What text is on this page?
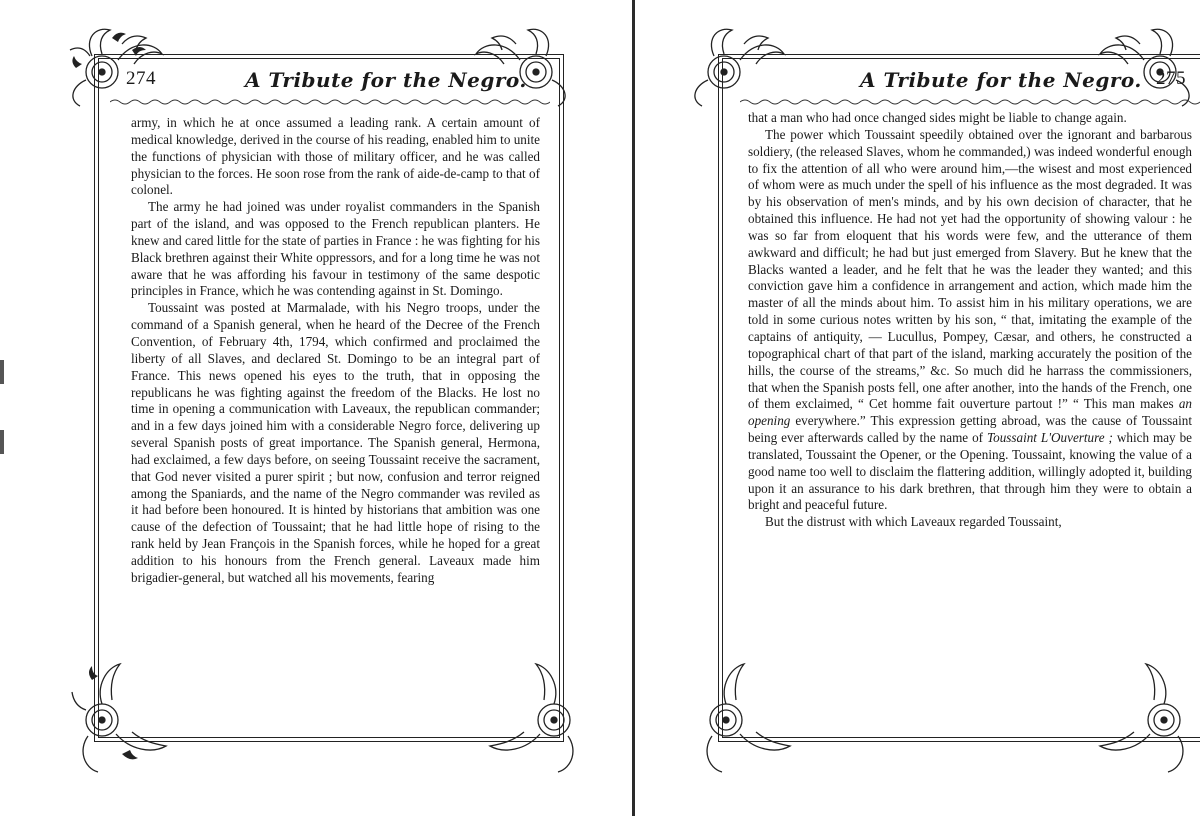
274	A Tribute for the Negro.

army, in which he at once assumed a leading rank. A certain amount of medical knowledge, derived in the course of his reading, enabled him to unite the functions of physician with those of military officer, and he was called physician to the forces. He soon rose from the rank of aide-de-camp to that of colonel.

The army he had joined was under royalist commanders in the Spanish part of the island, and was opposed to the French republican planters. He knew and cared little for the state of parties in France : he was fighting for his Black brethren against their White oppressors, and for a long time he was not aware that he was affording his favour in testimony of the same despotic principles in France, which he was contending against in St. Domingo.

Toussaint was posted at Marmalade, with his Negro troops, under the command of a Spanish general, when he heard of the Decree of the French Convention, of February 4th, 1794, which confirmed and proclaimed the liberty of all Slaves, and declared St. Domingo to be an integral part of France. This news opened his eyes to the truth, that in opposing the republicans he was fighting against the freedom of the Blacks. He lost no time in opening a communication with Laveaux, the republican commander; and in a few days joined him with a considerable Negro force, delivering up several Spanish posts of great importance. The Spanish general, Hermona, had exclaimed, a few days before, on seeing Toussaint receive the sacrament, that God never visited a purer spirit ; but now, confusion and terror reigned among the Spaniards, and the name of the Negro commander was reviled as it had before been honoured. It is hinted by historians that ambition was one cause of the defection of Toussaint; that he had little hope of rising to the rank held by Jean François in the Spanish forces, while he hoped for a great addition to his honours from the French general. Laveaux made him brigadier-general, but watched all his movements, fearing

A Tribute for the Negro. 275

that a man who had once changed sides might be liable to change again.

The power which Toussaint speedily obtained over the ignorant and barbarous soldiery, (the released Slaves, whom he commanded,) was indeed wonderful enough to fix the attention of all who were around him,—the wisest and most experienced of whom were as much under the spell of his influence as the most degraded. It was by his observation of men's minds, and by his own decision of character, that he obtained this influence. He had not yet had the opportunity of showing valour : he was so far from eloquent that his words were few, and the utterance of them awkward and difficult; he had but just emerged from Slavery. But he knew that the Blacks wanted a leader, and he felt that he was the leader they wanted; and this conviction gave him a confidence in arrangement and action, which made him the master of all the minds about him. To assist him in his military operations, we are told in some curious notes written by his son, “ that, imitating the example of the captains of antiquity, — Lucullus, Pompey, Cæsar, and others, he constructed a topographical chart of that part of the island, marking accurately the position of the hills, the course of the streams,” &c. So much did he harrass the commissioners, that when the Spanish posts fell, one after another, into the hands of the French, one of them exclaimed, “ Cet homme fait ouverture partout !” “ This man makes an opening everywhere.” This expression getting abroad, was the cause of Toussaint being ever afterwards called by the name of Toussaint L'Ouverture ; which may be translated, Toussaint the Opener, or the Opening. Toussaint, knowing the value of a good name too well to disclaim the flattering addition, willingly adopted it, building upon it an assurance to his dark brethren, that through him they were to obtain a bright and peaceful future.

But the distrust with which Laveaux regarded Toussaint,
